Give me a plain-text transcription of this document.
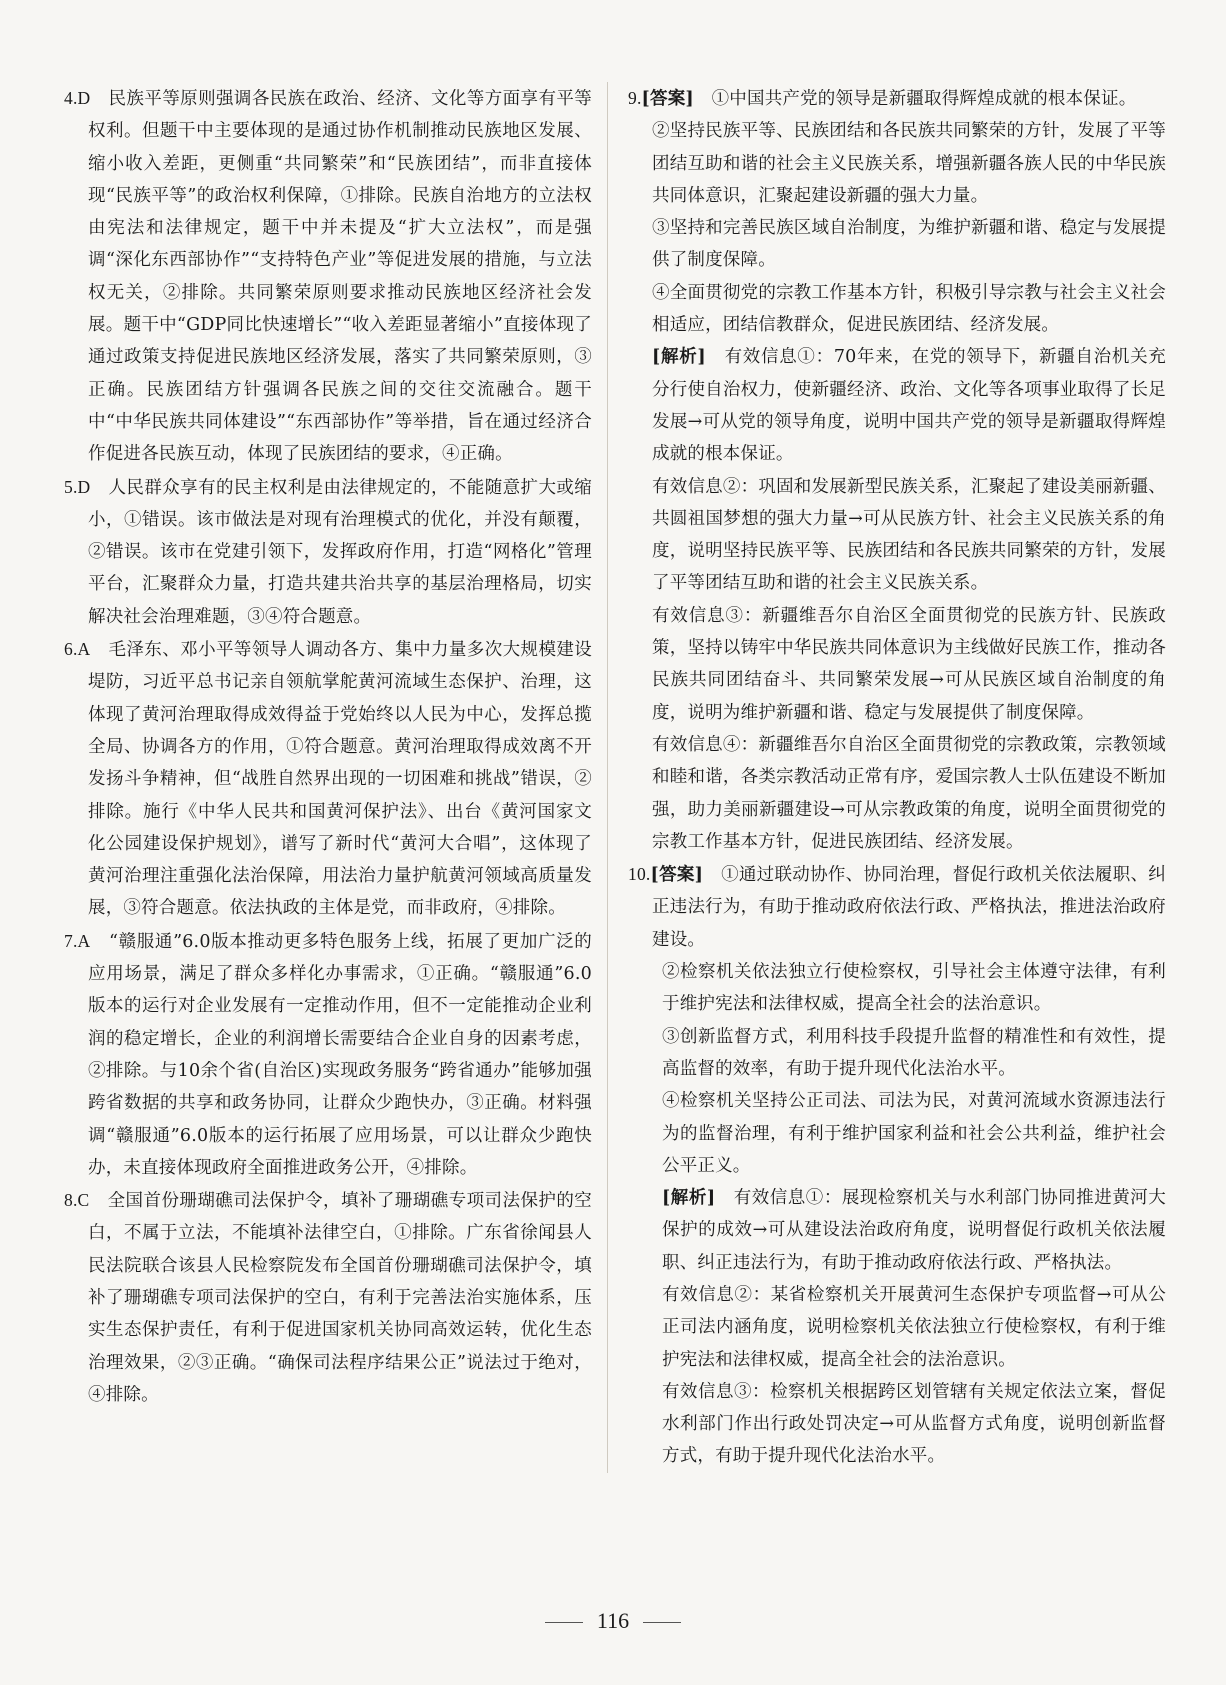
4.D　 民族平等原则强调各民族在政治、经济、文化等方面享有平等权利。但题干中主要体现的是通过协作机制推动民族地区发展、缩小收入差距，更侧重“共同繁荣”和“民族团结”，而非直接体现“民族平等”的政治权利保障，①排除。民族自治地方的立法权由宪法和法律规定，题干中并未提及“扩大立法权”，而是强调“深化东西部协作”“支持特色产业”等促进发展的措施，与立法权无关，②排除。共同繁荣原则要求推动民族地区经济社会发展。题干中“GDP同比快速增长”“收入差距显著缩小”直接体现了通过政策支持促进民族地区经济发展，落实了共同繁荣原则，③正确。民族团结方针强调各民族之间的交往交流融合。题干中“中华民族共同体建设”“东西部协作”等举措，旨在通过经济合作促进各民族互动，体现了民族团结的要求，④正确。

5.D　 人民群众享有的民主权利是由法律规定的，不能随意扩大或缩小，①错误。该市做法是对现有治理模式的优化，并没有颠覆，②错误。该市在党建引领下，发挥政府作用，打造“网格化”管理平台，汇聚群众力量，打造共建共治共享的基层治理格局，切实解决社会治理难题，③④符合题意。

6.A　 毛泽东、邓小平等领导人调动各方、集中力量多次大规模建设堤防，习近平总书记亲自领航掌舵黄河流域生态保护、治理，这体现了黄河治理取得成效得益于党始终以人民为中心，发挥总揽全局、协调各方的作用，①符合题意。黄河治理取得成效离不开发扬斗争精神，但“战胜自然界出现的一切困难和挑战”错误，②排除。施行《中华人民共和国黄河保护法》、出台《黄河国家文化公园建设保护规划》，谱写了新时代“黄河大合唱”，这体现了黄河治理注重强化法治保障，用法治力量护航黄河领域高质量发展，③符合题意。依法执政的主体是党，而非政府，④排除。

7.A　 “赣服通”6.0版本推动更多特色服务上线，拓展了更加广泛的应用场景，满足了群众多样化办事需求，①正确。“赣服通”6.0版本的运行对企业发展有一定推动作用，但不一定能推动企业利润的稳定增长，企业的利润增长需要结合企业自身的因素考虑，②排除。与10余个省(自治区)实现政务服务“跨省通办”能够加强跨省数据的共享和政务协同，让群众少跑快办，③正确。材料强调“赣服通”6.0版本的运行拓展了应用场景，可以让群众少跑快办，未直接体现政府全面推进政务公开，④排除。

8.C　 全国首份珊瑚礁司法保护令，填补了珊瑚礁专项司法保护的空白，不属于立法，不能填补法律空白，①排除。广东省徐闻县人民法院联合该县人民检察院发布全国首份珊瑚礁司法保护令，填补了珊瑚礁专项司法保护的空白，有利于完善法治实施体系，压实生态保护责任，有利于促进国家机关协同高效运转，优化生态治理效果，②③正确。“确保司法程序结果公正”说法过于绝对，④排除。

9.[答案]　 ①中国共产党的领导是新疆取得辉煌成就的根本保证。

②坚持民族平等、民族团结和各民族共同繁荣的方针，发展了平等团结互助和谐的社会主义民族关系，增强新疆各族人民的中华民族共同体意识，汇聚起建设新疆的强大力量。

③坚持和完善民族区域自治制度，为维护新疆和谐、稳定与发展提供了制度保障。

④全面贯彻党的宗教工作基本方针，积极引导宗教与社会主义社会相适应，团结信教群众，促进民族团结、经济发展。

[解析]　 有效信息①：70年来，在党的领导下，新疆自治机关充分行使自治权力，使新疆经济、政治、文化等各项事业取得了长足发展→可从党的领导角度，说明中国共产党的领导是新疆取得辉煌成就的根本保证。

有效信息②：巩固和发展新型民族关系，汇聚起了建设美丽新疆、共圆祖国梦想的强大力量→可从民族方针、社会主义民族关系的角度，说明坚持民族平等、民族团结和各民族共同繁荣的方针，发展了平等团结互助和谐的社会主义民族关系。

有效信息③：新疆维吾尔自治区全面贯彻党的民族方针、民族政策，坚持以铸牢中华民族共同体意识为主线做好民族工作，推动各民族共同团结奋斗、共同繁荣发展→可从民族区域自治制度的角度，说明为维护新疆和谐、稳定与发展提供了制度保障。

有效信息④：新疆维吾尔自治区全面贯彻党的宗教政策，宗教领域和睦和谐，各类宗教活动正常有序，爱国宗教人士队伍建设不断加强，助力美丽新疆建设→可从宗教政策的角度，说明全面贯彻党的宗教工作基本方针，促进民族团结、经济发展。

10.[答案]　 ①通过联动协作、协同治理，督促行政机关依法履职、纠正违法行为，有助于推动政府依法行政、严格执法，推进法治政府建设。

②检察机关依法独立行使检察权，引导社会主体遵守法律，有利于维护宪法和法律权威，提高全社会的法治意识。

③创新监督方式，利用科技手段提升监督的精准性和有效性，提高监督的效率，有助于提升现代化法治水平。

④检察机关坚持公正司法、司法为民，对黄河流域水资源违法行为的监督治理，有利于维护国家利益和社会公共利益，维护社会公平正义。

[解析]　 有效信息①：展现检察机关与水利部门协同推进黄河大保护的成效→可从建设法治政府角度，说明督促行政机关依法履职、纠正违法行为，有助于推动政府依法行政、严格执法。

有效信息②：某省检察机关开展黄河生态保护专项监督→可从公正司法内涵角度，说明检察机关依法独立行使检察权，有利于维护宪法和法律权威，提高全社会的法治意识。

有效信息③：检察机关根据跨区划管辖有关规定依法立案，督促水利部门作出行政处罚决定→可从监督方式角度，说明创新监督方式，有助于提升现代化法治水平。

116
